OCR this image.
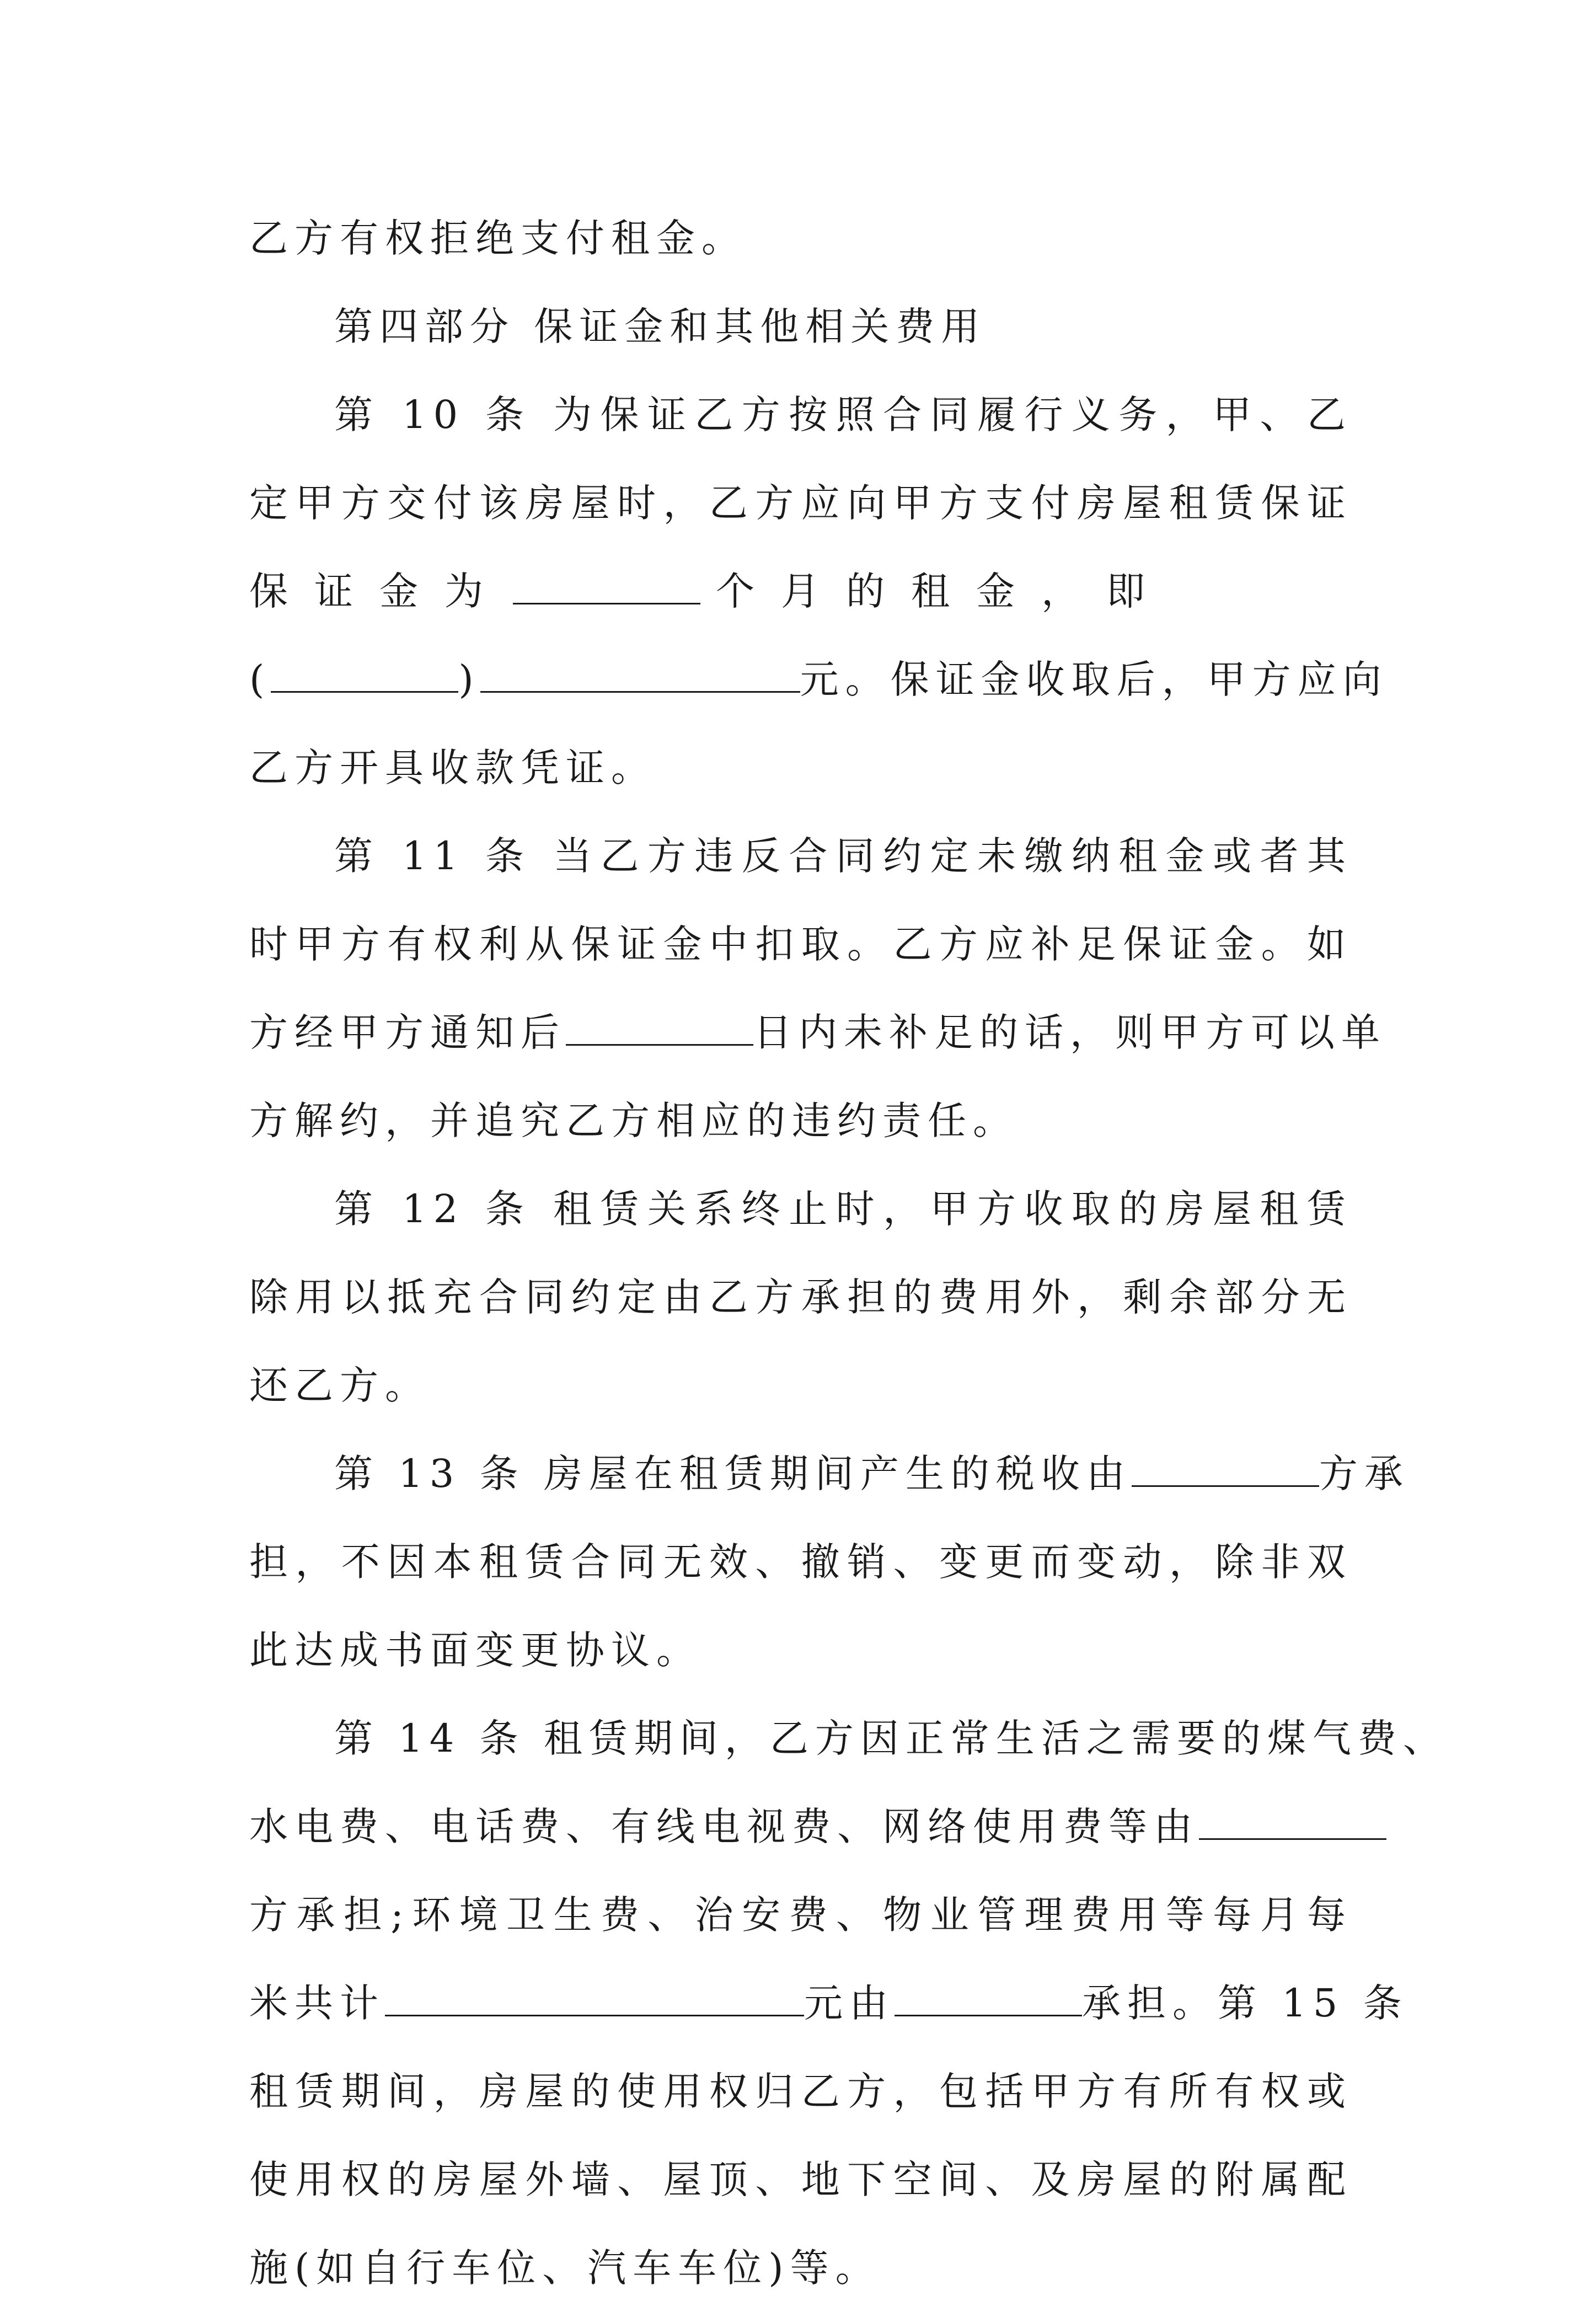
乙方有权拒绝支付租金。
第四部分 保证金和其他相关费用
第 10 条 为保证乙方按照合同履行义务，甲、乙
定甲方交付该房屋时，乙方应向甲方支付房屋租赁保证
保证金为	个月的租金，即
(	)	元。保证金收取后，甲方应向
乙方开具收款凭证。
第 11 条 当乙方违反合同约定未缴纳租金或者其
时甲方有权利从保证金中扣取。乙方应补足保证金。如
方经甲方通知后	日内未补足的话，则甲方可以单
方解约，并追究乙方相应的违约责任。
第 12 条 租赁关系终止时，甲方收取的房屋租赁
除用以抵充合同约定由乙方承担的费用外，剩余部分无
还乙方。
第 13 条 房屋在租赁期间产生的税收由	方承
担，不因本租赁合同无效、撤销、变更而变动，除非双
此达成书面变更协议。
第 14 条 租赁期间，乙方因正常生活之需要的煤气费、
水电费、电话费、有线电视费、网络使用费等由
方承担;环境卫生费、治安费、物业管理费用等每月每
米共计	元由	承担。第 15 条
租赁期间，房屋的使用权归乙方，包括甲方有所有权或
使用权的房屋外墙、屋顶、地下空间、及房屋的附属配
施(如自行车位、汽车车位)等。
